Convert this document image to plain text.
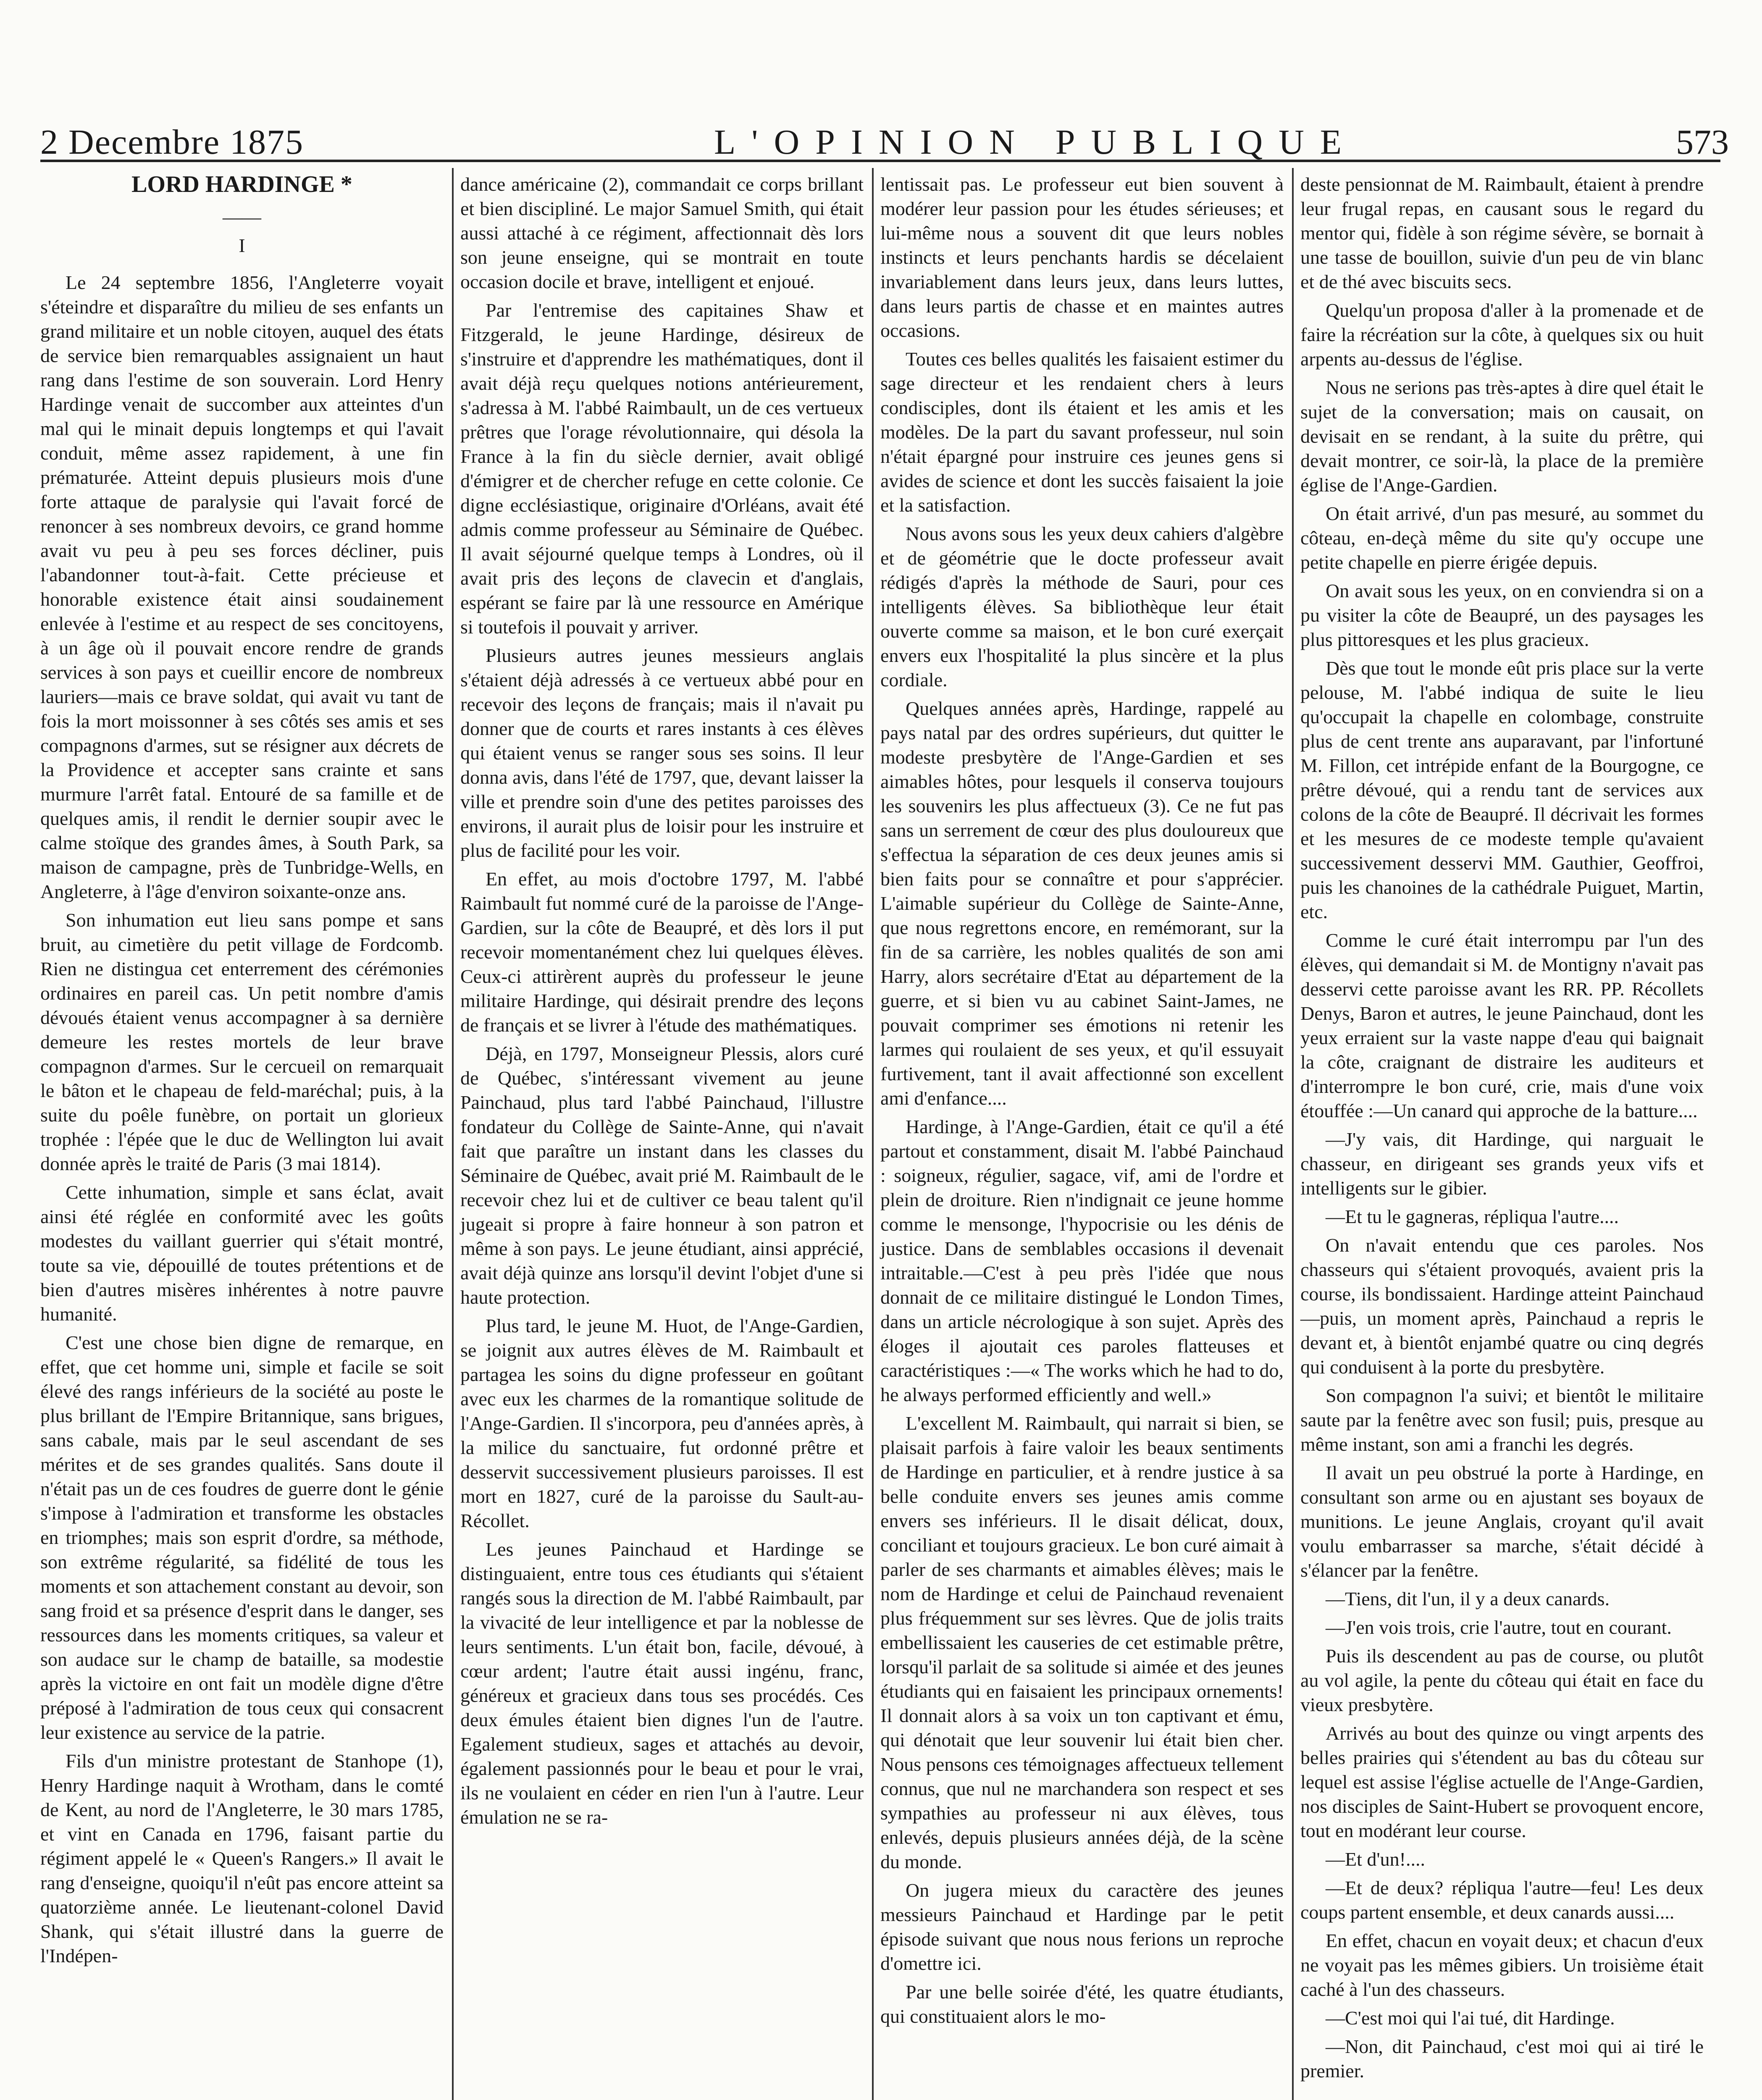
2 Decembre 1875	L'OPINION PUBLIQUE	573

LORD HARDINGE *

——
I

Le 24 septembre 1856, l'Angleterre voyait s'éteindre et disparaître du milieu de ses enfants un grand militaire et un noble citoyen, auquel des états de service bien remarquables assignaient un haut rang dans l'estime de son souverain. Lord Henry Hardinge venait de succomber aux atteintes d'un mal qui le minait depuis longtemps et qui l'avait conduit, même assez rapidement, à une fin prématurée. Atteint depuis plusieurs mois d'une forte attaque de paralysie qui l'avait forcé de renoncer à ses nombreux devoirs, ce grand homme avait vu peu à peu ses forces décliner, puis l'abandonner tout-à-fait. Cette précieuse et honorable existence était ainsi soudainement enlevée à l'estime et au respect de ses concitoyens, à un âge où il pouvait encore rendre de grands services à son pays et cueillir encore de nombreux lauriers—mais ce brave soldat, qui avait vu tant de fois la mort moissonner à ses côtés ses amis et ses compagnons d'armes, sut se résigner aux décrets de la Providence et accepter sans crainte et sans murmure l'arrêt fatal. Entouré de sa famille et de quelques amis, il rendit le dernier soupir avec le calme stoïque des grandes âmes, à South Park, sa maison de campagne, près de Tunbridge-Wells, en Angleterre, à l'âge d'environ soixante-onze ans.

Son inhumation eut lieu sans pompe et sans bruit, au cimetière du petit village de Fordcomb. Rien ne distingua cet enterrement des cérémonies ordinaires en pareil cas. Un petit nombre d'amis dévoués étaient venus accompagner à sa dernière demeure les restes mortels de leur brave compagnon d'armes. Sur le cercueil on remarquait le bâton et le chapeau de feld-maréchal; puis, à la suite du poêle funèbre, on portait un glorieux trophée : l'épée que le duc de Wellington lui avait donnée après le traité de Paris (3 mai 1814).

Cette inhumation, simple et sans éclat, avait ainsi été réglée en conformité avec les goûts modestes du vaillant guerrier qui s'était montré, toute sa vie, dépouillé de toutes prétentions et de bien d'autres misères inhérentes à notre pauvre humanité.

C'est une chose bien digne de remarque, en effet, que cet homme uni, simple et facile se soit élevé des rangs inférieurs de la société au poste le plus brillant de l'Empire Britannique, sans brigues, sans cabale, mais par le seul ascendant de ses mérites et de ses grandes qualités. Sans doute il n'était pas un de ces foudres de guerre dont le génie s'impose à l'admiration et transforme les obstacles en triomphes; mais son esprit d'ordre, sa méthode, son extrême régularité, sa fidélité de tous les moments et son attachement constant au devoir, son sang froid et sa présence d'esprit dans le danger, ses ressources dans les moments critiques, sa valeur et son audace sur le champ de bataille, sa modestie après la victoire en ont fait un modèle digne d'être préposé à l'admiration de tous ceux qui consacrent leur existence au service de la patrie.

Fils d'un ministre protestant de Stanhope (1), Henry Hardinge naquit à Wrotham, dans le comté de Kent, au nord de l'Angleterre, le 30 mars 1785, et vint en Canada en 1796, faisant partie du régiment appelé le « Queen's Rangers.» Il avait le rang d'enseigne, quoiqu'il n'eût pas encore atteint sa quatorzième année. Le lieutenant-colonel David Shank, qui s'était illustré dans la guerre de l'Indépen-

dance américaine (2), commandait ce corps brillant et bien discipliné. Le major Samuel Smith, qui était aussi attaché à ce régiment, affectionnait dès lors son jeune enseigne, qui se montrait en toute occasion docile et brave, intelligent et enjoué.

Par l'entremise des capitaines Shaw et Fitzgerald, le jeune Hardinge, désireux de s'instruire et d'apprendre les mathématiques, dont il avait déjà reçu quelques notions antérieurement, s'adressa à M. l'abbé Raimbault, un de ces vertueux prêtres que l'orage révolutionnaire, qui désola la France à la fin du siècle dernier, avait obligé d'émigrer et de chercher refuge en cette colonie. Ce digne ecclésiastique, originaire d'Orléans, avait été admis comme professeur au Séminaire de Québec. Il avait séjourné quelque temps à Londres, où il avait pris des leçons de clavecin et d'anglais, espérant se faire par là une ressource en Amérique si toutefois il pouvait y arriver.

Plusieurs autres jeunes messieurs anglais s'étaient déjà adressés à ce vertueux abbé pour en recevoir des leçons de français; mais il n'avait pu donner que de courts et rares instants à ces élèves qui étaient venus se ranger sous ses soins. Il leur donna avis, dans l'été de 1797, que, devant laisser la ville et prendre soin d'une des petites paroisses des environs, il aurait plus de loisir pour les instruire et plus de facilité pour les voir.

En effet, au mois d'octobre 1797, M. l'abbé Raimbault fut nommé curé de la paroisse de l'Ange-Gardien, sur la côte de Beaupré, et dès lors il put recevoir momentanément chez lui quelques élèves. Ceux-ci attirèrent auprès du professeur le jeune militaire Hardinge, qui désirait prendre des leçons de français et se livrer à l'étude des mathématiques.

Déjà, en 1797, Monseigneur Plessis, alors curé de Québec, s'intéressant vivement au jeune Painchaud, plus tard l'abbé Painchaud, l'illustre fondateur du Collège de Sainte-Anne, qui n'avait fait que paraître un instant dans les classes du Séminaire de Québec, avait prié M. Raimbault de le recevoir chez lui et de cultiver ce beau talent qu'il jugeait si propre à faire honneur à son patron et même à son pays. Le jeune étudiant, ainsi apprécié, avait déjà quinze ans lorsqu'il devint l'objet d'une si haute protection.

Plus tard, le jeune M. Huot, de l'Ange-Gardien, se joignit aux autres élèves de M. Raimbault et partagea les soins du digne professeur en goûtant avec eux les charmes de la romantique solitude de l'Ange-Gardien. Il s'incorpora, peu d'années après, à la milice du sanctuaire, fut ordonné prêtre et desservit successivement plusieurs paroisses. Il est mort en 1827, curé de la paroisse du Sault-au-Récollet.

Les jeunes Painchaud et Hardinge se distinguaient, entre tous ces étudiants qui s'étaient rangés sous la direction de M. l'abbé Raimbault, par la vivacité de leur intelligence et par la noblesse de leurs sentiments. L'un était bon, facile, dévoué, à cœur ardent; l'autre était aussi ingénu, franc, généreux et gracieux dans tous ses procédés. Ces deux émules étaient bien dignes l'un de l'autre. Egalement studieux, sages et attachés au devoir, également passionnés pour le beau et pour le vrai, ils ne voulaient en céder en rien l'un à l'autre. Leur émulation ne se ra-

lentissait pas. Le professeur eut bien souvent à modérer leur passion pour les études sérieuses; et lui-même nous a souvent dit que leurs nobles instincts et leurs penchants hardis se décelaient invariablement dans leurs jeux, dans leurs luttes, dans leurs partis de chasse et en maintes autres occasions.

Toutes ces belles qualités les faisaient estimer du sage directeur et les rendaient chers à leurs condisciples, dont ils étaient et les amis et les modèles. De la part du savant professeur, nul soin n'était épargné pour instruire ces jeunes gens si avides de science et dont les succès faisaient la joie et la satisfaction.

Nous avons sous les yeux deux cahiers d'algèbre et de géométrie que le docte professeur avait rédigés d'après la méthode de Sauri, pour ces intelligents élèves. Sa bibliothèque leur était ouverte comme sa maison, et le bon curé exerçait envers eux l'hospitalité la plus sincère et la plus cordiale.

Quelques années après, Hardinge, rappelé au pays natal par des ordres supérieurs, dut quitter le modeste presbytère de l'Ange-Gardien et ses aimables hôtes, pour lesquels il conserva toujours les souvenirs les plus affectueux (3). Ce ne fut pas sans un serrement de cœur des plus douloureux que s'effectua la séparation de ces deux jeunes amis si bien faits pour se connaître et pour s'apprécier. L'aimable supérieur du Collège de Sainte-Anne, que nous regrettons encore, en remémorant, sur la fin de sa carrière, les nobles qualités de son ami Harry, alors secrétaire d'Etat au département de la guerre, et si bien vu au cabinet Saint-James, ne pouvait comprimer ses émotions ni retenir les larmes qui roulaient de ses yeux, et qu'il essuyait furtivement, tant il avait affectionné son excellent ami d'enfance....

Hardinge, à l'Ange-Gardien, était ce qu'il a été partout et constamment, disait M. l'abbé Painchaud : soigneux, régulier, sagace, vif, ami de l'ordre et plein de droiture. Rien n'indignait ce jeune homme comme le mensonge, l'hypocrisie ou les dénis de justice. Dans de semblables occasions il devenait intraitable.—C'est à peu près l'idée que nous donnait de ce militaire distingué le London Times, dans un article nécrologique à son sujet. Après des éloges il ajoutait ces paroles flatteuses et caractéristiques :—« The works which he had to do, he always performed efficiently and well.»

L'excellent M. Raimbault, qui narrait si bien, se plaisait parfois à faire valoir les beaux sentiments de Hardinge en particulier, et à rendre justice à sa belle conduite envers ses jeunes amis comme envers ses inférieurs. Il le disait délicat, doux, conciliant et toujours gracieux. Le bon curé aimait à parler de ses charmants et aimables élèves; mais le nom de Hardinge et celui de Painchaud revenaient plus fréquemment sur ses lèvres. Que de jolis traits embellissaient les causeries de cet estimable prêtre, lorsqu'il parlait de sa solitude si aimée et des jeunes étudiants qui en faisaient les principaux ornements! Il donnait alors à sa voix un ton captivant et ému, qui dénotait que leur souvenir lui était bien cher. Nous pensons ces témoignages affectueux tellement connus, que nul ne marchandera son respect et ses sympathies au professeur ni aux élèves, tous enlevés, depuis plusieurs années déjà, de la scène du monde.

On jugera mieux du caractère des jeunes messieurs Painchaud et Hardinge par le petit épisode suivant que nous nous ferions un reproche d'omettre ici.

Par une belle soirée d'été, les quatre étudiants, qui constituaient alors le mo-

deste pensionnat de M. Raimbault, étaient à prendre leur frugal repas, en causant sous le regard du mentor qui, fidèle à son régime sévère, se bornait à une tasse de bouillon, suivie d'un peu de vin blanc et de thé avec biscuits secs.

Quelqu'un proposa d'aller à la promenade et de faire la récréation sur la côte, à quelques six ou huit arpents au-dessus de l'église.

Nous ne serions pas très-aptes à dire quel était le sujet de la conversation; mais on causait, on devisait en se rendant, à la suite du prêtre, qui devait montrer, ce soir-là, la place de la première église de l'Ange-Gardien.

On était arrivé, d'un pas mesuré, au sommet du côteau, en-deçà même du site qu'y occupe une petite chapelle en pierre érigée depuis.

On avait sous les yeux, on en conviendra si on a pu visiter la côte de Beaupré, un des paysages les plus pittoresques et les plus gracieux.

Dès que tout le monde eût pris place sur la verte pelouse, M. l'abbé indiqua de suite le lieu qu'occupait la chapelle en colombage, construite plus de cent trente ans auparavant, par l'infortuné M. Fillon, cet intrépide enfant de la Bourgogne, ce prêtre dévoué, qui a rendu tant de services aux colons de la côte de Beaupré. Il décrivait les formes et les mesures de ce modeste temple qu'avaient successivement desservi MM. Gauthier, Geoffroi, puis les chanoines de la cathédrale Puiguet, Martin, etc.

Comme le curé était interrompu par l'un des élèves, qui demandait si M. de Montigny n'avait pas desservi cette paroisse avant les RR. PP. Récollets Denys, Baron et autres, le jeune Painchaud, dont les yeux erraient sur la vaste nappe d'eau qui baignait la côte, craignant de distraire les auditeurs et d'interrompre le bon curé, crie, mais d'une voix étouffée :—Un canard qui approche de la batture....

—J'y vais, dit Hardinge, qui narguait le chasseur, en dirigeant ses grands yeux vifs et intelligents sur le gibier.

—Et tu le gagneras, répliqua l'autre....

On n'avait entendu que ces paroles. Nos chasseurs qui s'étaient provoqués, avaient pris la course, ils bondissaient. Hardinge atteint Painchaud—puis, un moment après, Painchaud a repris le devant et, à bientôt enjambé quatre ou cinq degrés qui conduisent à la porte du presbytère.

Son compagnon l'a suivi; et bientôt le militaire saute par la fenêtre avec son fusil; puis, presque au même instant, son ami a franchi les degrés.

Il avait un peu obstrué la porte à Hardinge, en consultant son arme ou en ajustant ses boyaux de munitions. Le jeune Anglais, croyant qu'il avait voulu embarrasser sa marche, s'était décidé à s'élancer par la fenêtre.

—Tiens, dit l'un, il y a deux canards.

—J'en vois trois, crie l'autre, tout en courant.

Puis ils descendent au pas de course, ou plutôt au vol agile, la pente du côteau qui était en face du vieux presbytère.

Arrivés au bout des quinze ou vingt arpents des belles prairies qui s'étendent au bas du côteau sur lequel est assise l'église actuelle de l'Ange-Gardien, nos disciples de Saint-Hubert se provoquent encore, tout en modérant leur course.

—Et d'un!....

—Et de deux? répliqua l'autre—feu! Les deux coups partent ensemble, et deux canards aussi....

En effet, chacun en voyait deux; et chacun d'eux ne voyait pas les mêmes gibiers. Un troisième était caché à l'un des chasseurs.

—C'est moi qui l'ai tué, dit Hardinge.

—Non, dit Painchaud, c'est moi qui ai tiré le premier.
